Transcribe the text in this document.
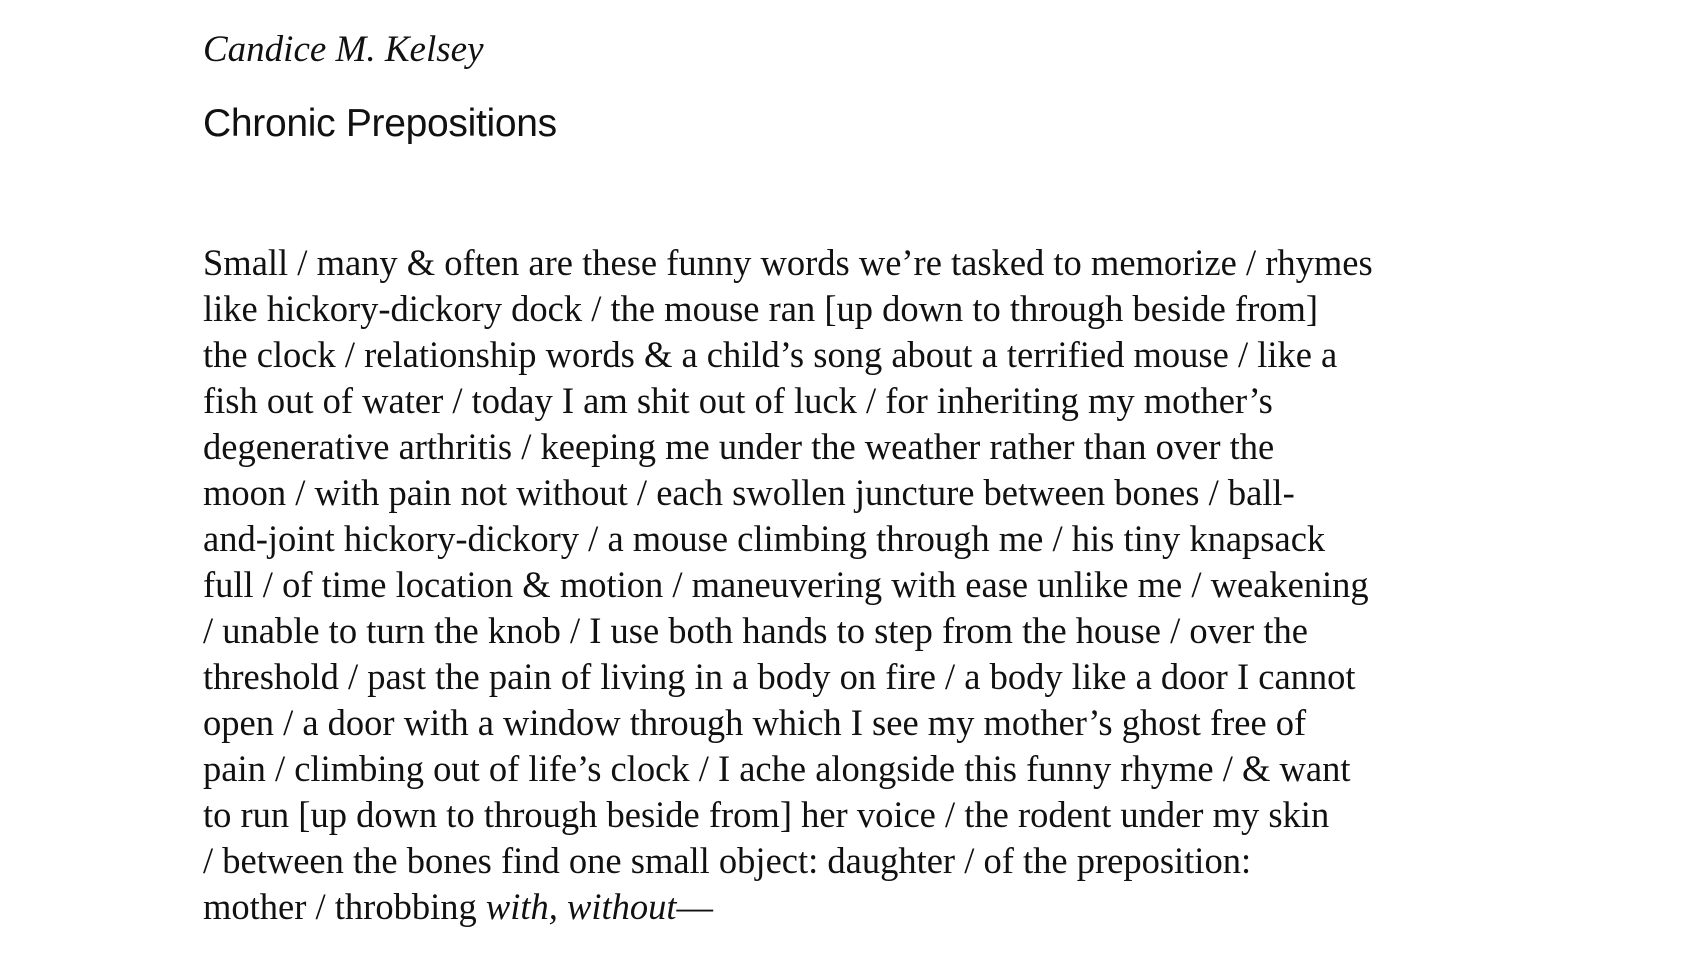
Candice M. Kelsey
Chronic Prepositions
Small / many & often are these funny words we’re tasked to memorize / rhymes
like hickory-dickory dock / the mouse ran [up down to through beside from]
the clock / relationship words & a child’s song about a terrified mouse / like a
fish out of water / today I am shit out of luck / for inheriting my mother’s
degenerative arthritis / keeping me under the weather rather than over the
moon / with pain not without / each swollen juncture between bones / ball-
and-joint hickory-dickory / a mouse climbing through me / his tiny knapsack
full / of time location & motion / maneuvering with ease unlike me / weakening
/ unable to turn the knob / I use both hands to step from the house / over the
threshold / past the pain of living in a body on fire / a body like a door I cannot
open / a door with a window through which I see my mother’s ghost free of
pain / climbing out of life’s clock / I ache alongside this funny rhyme / & want
to run [up down to through beside from] her voice / the rodent under my skin
/ between the bones find one small object: daughter / of the preposition:
mother / throbbing with, without—
